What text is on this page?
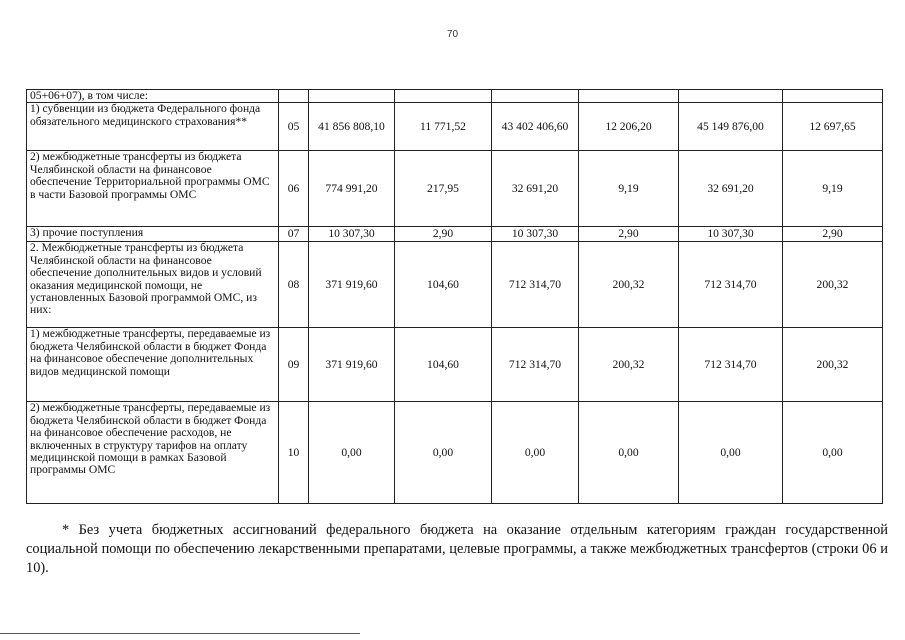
70
05+06+07), в том числе:							
1) субвенции из бюджета Федерального фонда обязательного медицинского страхования**	05	41 856 808,10	11 771,52	43 402 406,60	12 206,20	45 149 876,00	12 697,65
2) межбюджетные трансферты из бюджета Челябинской области на финансовое обеспечение Территориальной программы ОМС в части Базовой программы ОМС	06	774 991,20	217,95	32 691,20	9,19	32 691,20	9,19
3) прочие поступления	07	10 307,30	2,90	10 307,30	2,90	10 307,30	2,90
2. Межбюджетные трансферты из бюджета Челябинской области на финансовое обеспечение дополнительных видов и условий оказания медицинской помощи, не установленных Базовой программой ОМС, из них:	08	371 919,60	104,60	712 314,70	200,32	712 314,70	200,32
1) межбюджетные трансферты, передаваемые из бюджета Челябинской области в бюджет Фонда на финансовое обеспечение дополнительных видов медицинской помощи	09	371 919,60	104,60	712 314,70	200,32	712 314,70	200,32
2) межбюджетные трансферты, передаваемые из бюджета Челябинской области в бюджет Фонда на финансовое обеспечение расходов, не включенных в структуру тарифов на оплату медицинской помощи в рамках Базовой программы ОМС	10	0,00	0,00	0,00	0,00	0,00	0,00

* Без учета бюджетных ассигнований федерального бюджета на оказание отдельным категориям граждан государственной социальной помощи по обеспечению лекарственными препаратами, целевые программы, а также межбюджетных трансфертов (строки 06 и 10).
